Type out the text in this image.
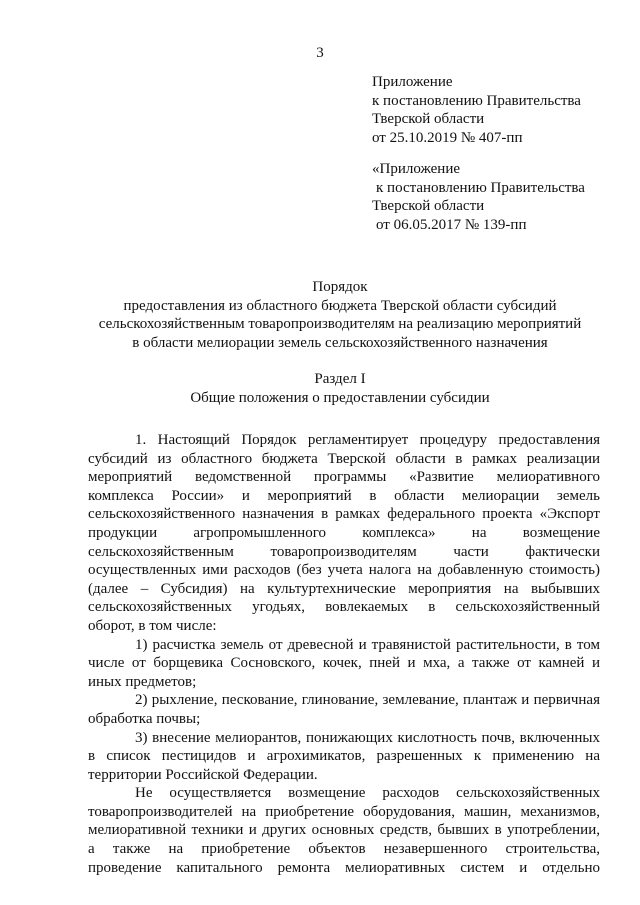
3
Приложение
к постановлению Правительства
Тверской области
от 25.10.2019 № 407-пп
«Приложение
к постановлению Правительства
Тверской области
от 06.05.2017 № 139-пп
Порядок
предоставления из областного бюджета Тверской области субсидий
сельскохозяйственным товаропроизводителям на реализацию мероприятий
в области мелиорации земель сельскохозяйственного назначения
Раздел I
Общие положения о предоставлении субсидии
1. Настоящий Порядок регламентирует процедуру предоставления
субсидий из областного бюджета Тверской области в рамках реализации
мероприятий ведомственной программы «Развитие мелиоративного
комплекса России» и мероприятий в области мелиорации земель
сельскохозяйственного назначения в рамках федерального проекта «Экспорт
продукции агропромышленного комплекса» на возмещение
сельскохозяйственным товаропроизводителям части фактически
осуществленных ими расходов (без учета налога на добавленную стоимость)
(далее – Субсидия) на культуртехнические мероприятия на выбывших
сельскохозяйственных угодьях, вовлекаемых в сельскохозяйственный
оборот, в том числе:
1) расчистка земель от древесной и травянистой растительности, в том
числе от борщевика Сосновского, кочек, пней и мха, а также от камней и
иных предметов;
2) рыхление, пескование, глинование, землевание, плантаж и первичная
обработка почвы;
3) внесение мелиорантов, понижающих кислотность почв, включенных
в список пестицидов и агрохимикатов, разрешенных к применению на
территории Российской Федерации.
Не осуществляется возмещение расходов сельскохозяйственных
товаропроизводителей на приобретение оборудования, машин, механизмов,
мелиоративной техники и других основных средств, бывших в употреблении,
а также на приобретение объектов незавершенного строительства,
проведение капитального ремонта мелиоративных систем и отдельно
